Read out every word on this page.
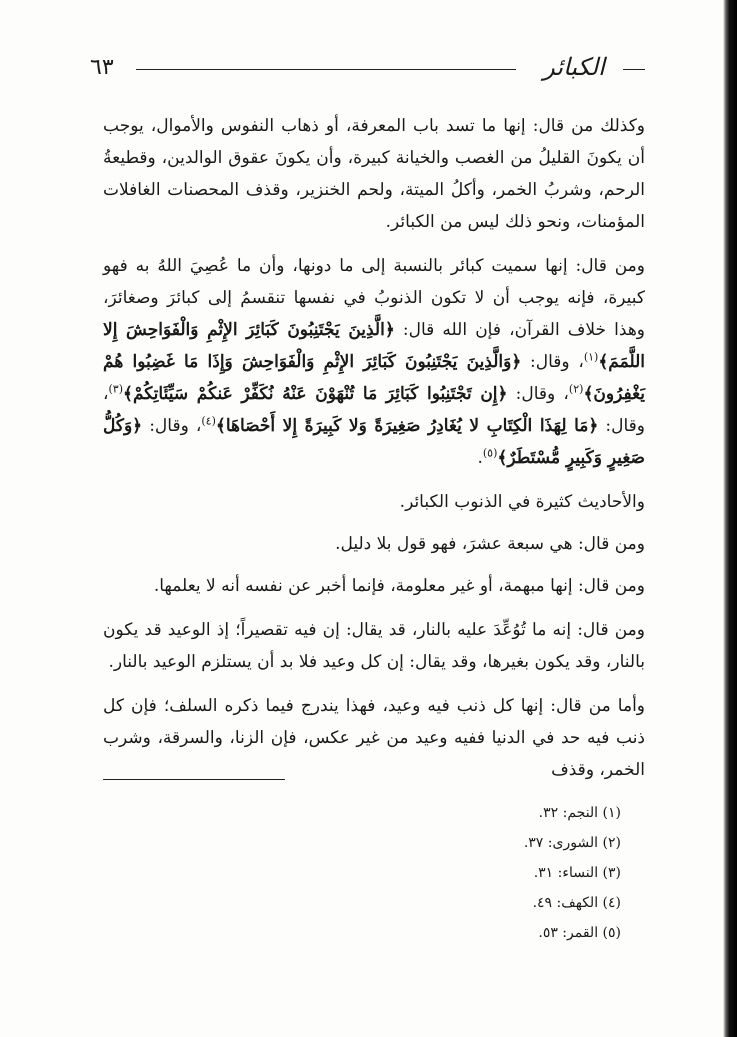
٦٣	الكبائر

وكذلك من قال: إنها ما تسد باب المعرفة، أو ذهاب النفوس والأموال، يوجب أن يكونَ القليلُ من الغصب والخيانة كبيرة، وأن يكونَ عقوق الوالدين، وقطيعةُ الرحم، وشربُ الخمر، وأكلُ الميتة، ولحم الخنزير، وقذف المحصنات الغافلات المؤمنات، ونحو ذلك ليس من الكبائر.

ومن قال: إنها سميت كبائر بالنسبة إلى ما دونها، وأن ما عُصِيَ اللهُ به فهو كبيرة، فإنه يوجب أن لا تكون الذنوبُ في نفسها تنقسمُ إلى كبائرَ وصغائرَ، وهذا خلاف القرآن، فإن الله قال: ﴿الَّذِينَ يَجْتَنِبُونَ كَبَائِرَ الإِثْمِ وَالْفَوَاحِشَ إِلا اللَّمَمَ﴾$^{(١)}$، وقال: ﴿وَالَّذِينَ يَجْتَنِبُونَ كَبَائِرَ الإِثْمِ وَالْفَوَاحِشَ وَإِذَا مَا غَضِبُوا هُمْ يَغْفِرُونَ﴾$^{(٢)}$، وقال: ﴿إِن تَجْتَنِبُوا كَبَائِرَ مَا تُنْهَوْنَ عَنْهُ نُكَفِّرْ عَنكُمْ سَيِّئَاتِكُمْ﴾$^{(٣)}$، وقال: ﴿مَا لِهَذَا الْكِتَابِ لا يُغَادِرُ صَغِيرَةً وَلا كَبِيرَةً إِلا أَحْصَاهَا﴾$^{(٤)}$، وقال: ﴿وَكُلُّ صَغِيرٍ وَكَبِيرٍ مُّسْتَطَرٌ﴾$^{(٥)}$.

والأحاديث كثيرة في الذنوب الكبائر.

ومن قال: هي سبعة عشرَ، فهو قول بلا دليل.

ومن قال: إنها مبهمة، أو غير معلومة، فإنما أخبر عن نفسه أنه لا يعلمها.

ومن قال: إنه ما تُوُعِّدَ عليه بالنار، قد يقال: إن فيه تقصيراً؛ إذ الوعيد قد يكون بالنار، وقد يكون بغيرها، وقد يقال: إن كل وعيد فلا بد أن يستلزم الوعيد بالنار.

وأما من قال: إنها كل ذنب فيه وعيد، فهذا يندرج فيما ذكره السلف؛ فإن كل ذنب فيه حد في الدنيا ففيه وعيد من غير عكس، فإن الزنا، والسرقة، وشرب الخمر، وقذف

(١) النجم: ٣٢.
(٢) الشورى: ٣٧.
(٣) النساء: ٣١.
(٤) الكهف: ٤٩.
(٥) القمر: ٥٣.
